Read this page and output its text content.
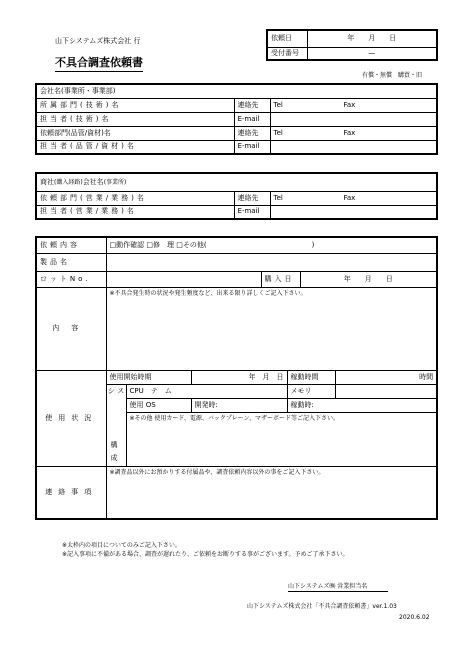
山下システムズ株式会社 行
不具合調査依頼書
依頼日	年　　月　　日
受付番号	—
有償・無償　購買・旧
会社名(事業所・事業部)		
所属部門(技術)名	連絡先	Tel Fax
担当者(技術)名	E-mail	
依頼部門(品管/資材)名	連絡先	Tel Fax
担当者(品管/資材)名	E-mail	
商社(購入経路)会社名(事業所)		
依頼部門(営業/業務)名	連絡先	Tel Fax
担当者(営業/業務)名	E-mail	
依頼内容	□動作確認 □修　理 □その他(　　　　　　　　　　　　　　　)							
製品名								
ロットNo.					購入日		年　　月　　日	
内容	※不具合発生時の状況や発生頻度など、出来る限り詳しくご記入下さい。							
使用状況	使用開始時期			年　月　日		稼動時間		時間
	シ	ス	CPU　 テ　 ム			メモリ		
			使用 OS	開発時:		稼動時:		
			※その他 使用カード、電源、バックプレーン、マザーボード等ご記入下さい。					
	構							
	成							
連絡事項	※調査品以外にお預かりする付属品や、調査依頼内容以外の事をご記入下さい。							
※太枠内の項目についてのみご記入下さい。
※記入事項に不備がある場合、調査が遅れたり、ご依頼をお断りする事がございます。予めご了承下さい。
山下システムズ㈱ 営業担当名
山下システムズ株式会社「不具合調査依頼書」ver.1.03
2020.6.02
